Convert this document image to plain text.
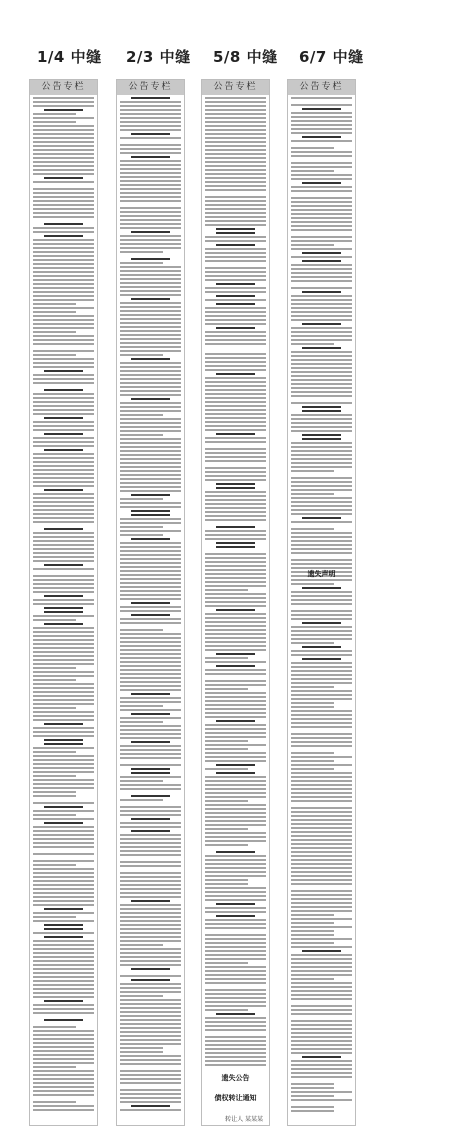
1/4 中缝 2/3 中缝 5/8 中缝 6/7 中缝
公告专栏	公告专栏	公告专栏
遗失公告
债权转让通知
转让人 某某某
公告专栏
遗失声明
